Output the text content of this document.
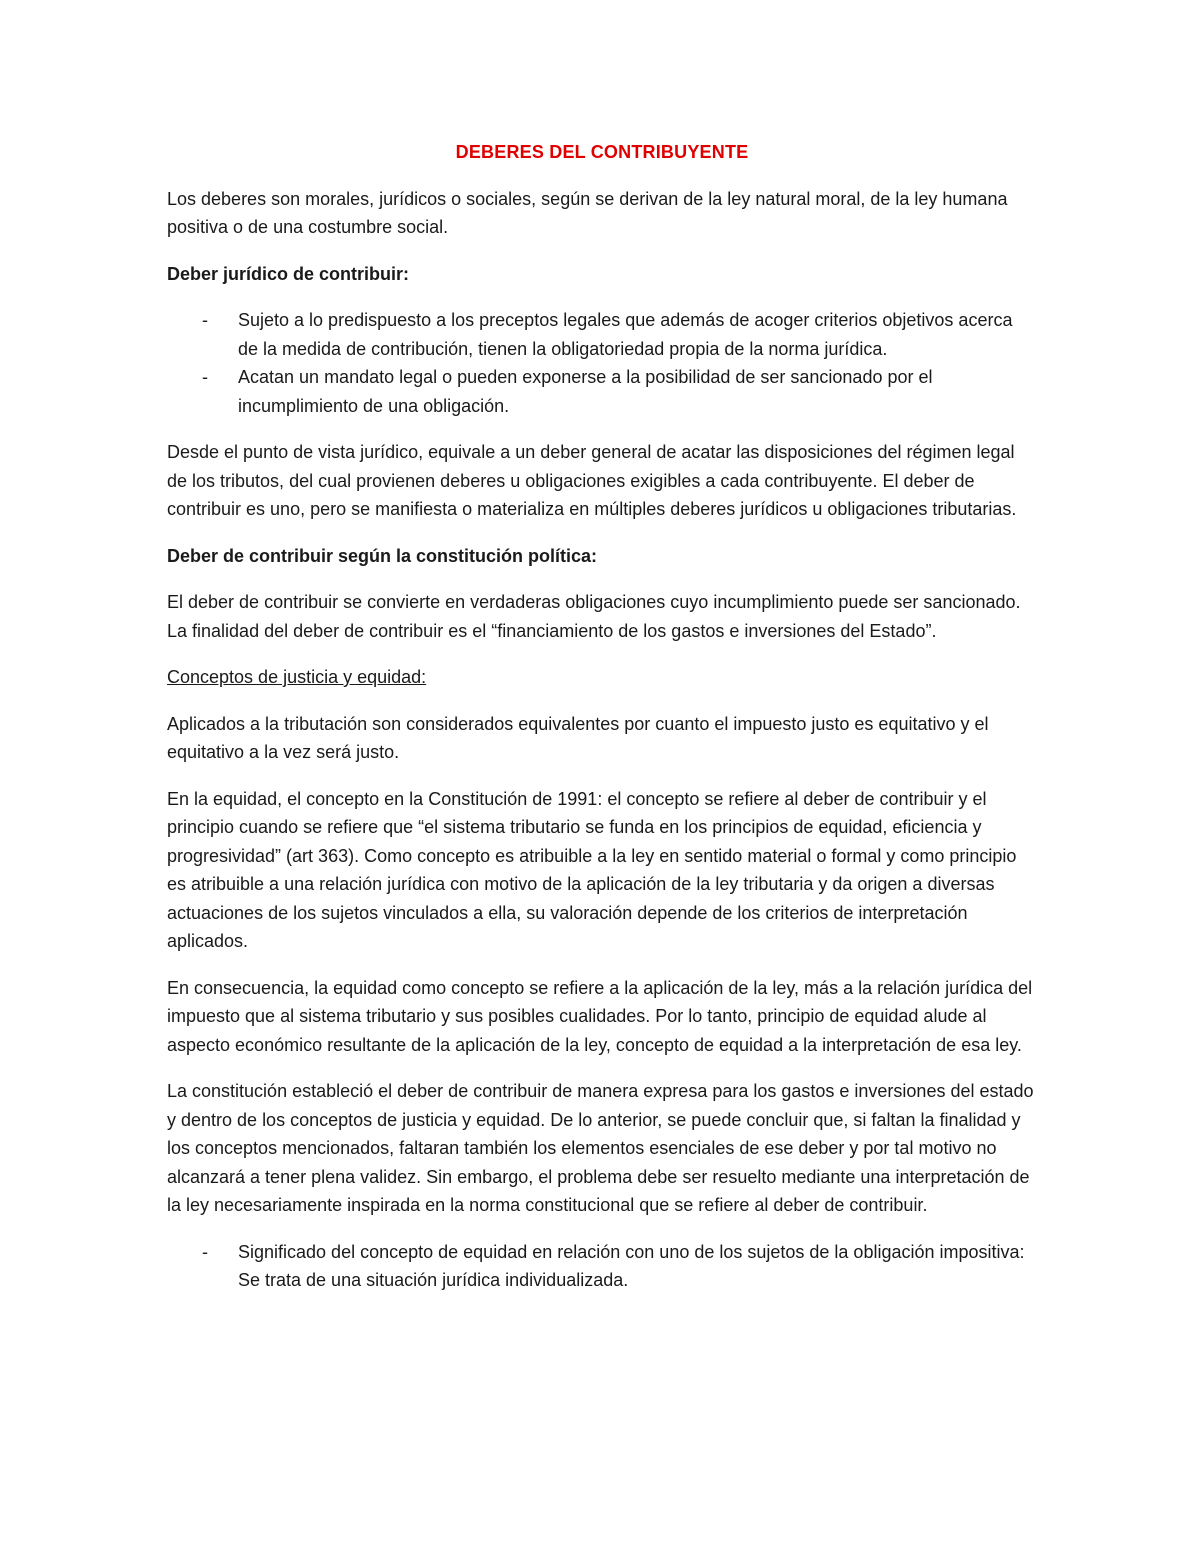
DEBERES DEL CONTRIBUYENTE

Los deberes son morales, jurídicos o sociales, según se derivan de la ley natural moral, de la ley humana positiva o de una costumbre social.

Deber jurídico de contribuir:
- Sujeto a lo predispuesto a los preceptos legales que además de acoger criterios objetivos acerca de la medida de contribución, tienen la obligatoriedad propia de la norma jurídica.
- Acatan un mandato legal o pueden exponerse a la posibilidad de ser sancionado por el incumplimiento de una obligación.

Desde el punto de vista jurídico, equivale a un deber general de acatar las disposiciones del régimen legal de los tributos, del cual provienen deberes u obligaciones exigibles a cada contribuyente. El deber de contribuir es uno, pero se manifiesta o materializa en múltiples deberes jurídicos u obligaciones tributarias.

Deber de contribuir según la constitución política:

El deber de contribuir se convierte en verdaderas obligaciones cuyo incumplimiento puede ser sancionado. La finalidad del deber de contribuir es el “financiamiento de los gastos e inversiones del Estado”.

Conceptos de justicia y equidad:

Aplicados a la tributación son considerados equivalentes por cuanto el impuesto justo es equitativo y el equitativo a la vez será justo.

En la equidad, el concepto en la Constitución de 1991: el concepto se refiere al deber de contribuir y el principio cuando se refiere que “el sistema tributario se funda en los principios de equidad, eficiencia y progresividad” (art 363). Como concepto es atribuible a la ley en sentido material o formal y como principio es atribuible a una relación jurídica con motivo de la aplicación de la ley tributaria y da origen a diversas actuaciones de los sujetos vinculados a ella, su valoración depende de los criterios de interpretación aplicados.

En consecuencia, la equidad como concepto se refiere a la aplicación de la ley, más a la relación jurídica del impuesto que al sistema tributario y sus posibles cualidades. Por lo tanto, principio de equidad alude al aspecto económico resultante de la aplicación de la ley, concepto de equidad a la interpretación de esa ley.

La constitución estableció el deber de contribuir de manera expresa para los gastos e inversiones del estado y dentro de los conceptos de justicia y equidad. De lo anterior, se puede concluir que, si faltan la finalidad y los conceptos mencionados, faltaran también los elementos esenciales de ese deber y por tal motivo no alcanzará a tener plena validez. Sin embargo, el problema debe ser resuelto mediante una interpretación de la ley necesariamente inspirada en la norma constitucional que se refiere al deber de contribuir.

- Significado del concepto de equidad en relación con uno de los sujetos de la obligación impositiva: Se trata de una situación jurídica individualizada.
